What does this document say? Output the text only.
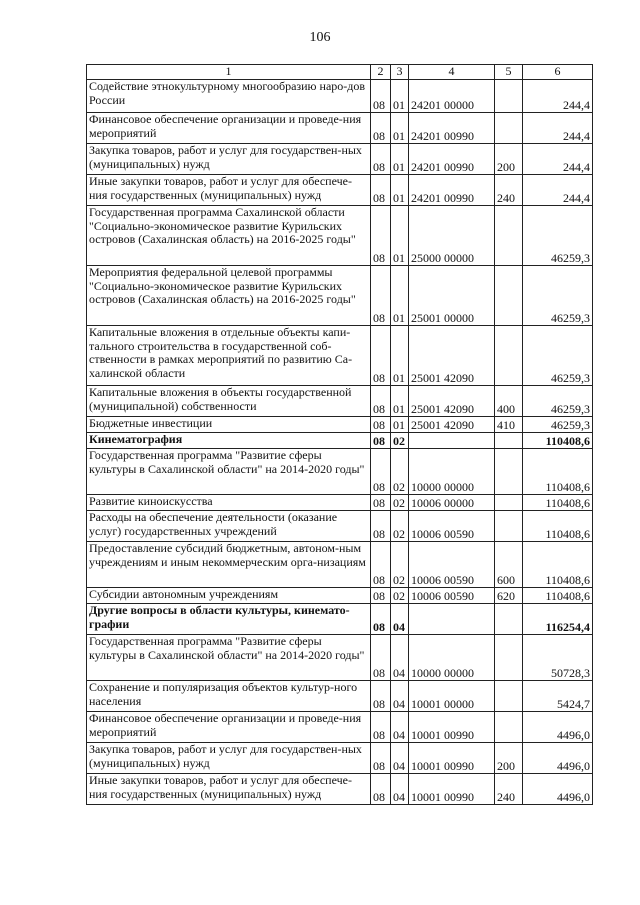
106
1	2	3	4	5	6
Содействие этнокультурному многообразию наро-дов России	08	01	24201 00000		244,4
Финансовое обеспечение организации и проведе-ния мероприятий	08	01	24201 00990		244,4
Закупка товаров, работ и услуг для государствен-ных (муниципальных) нужд	08	01	24201 00990	200	244,4
Иные закупки товаров, работ и услуг для обеспече-ния государственных (муниципальных) нужд	08	01	24201 00990	240	244,4
Государственная программа Сахалинской области "Социально-экономическое развитие Курильских островов (Сахалинская область) на 2016-2025 годы"	08	01	25000 00000		46259,3
Мероприятия федеральной целевой программы "Социально-экономическое развитие Курильских островов (Сахалинская область) на 2016-2025 годы"	08	01	25001 00000		46259,3
Капитальные вложения в отдельные объекты капи-тального строительства в государственной соб-ственности в рамках мероприятий по развитию Са-халинской области	08	01	25001 42090		46259,3
Капитальные вложения в объекты государственной (муниципальной) собственности	08	01	25001 42090	400	46259,3
Бюджетные инвестиции	08	01	25001 42090	410	46259,3
Кинематография	08	02			110408,6
Государственная программа "Развитие сферы культуры в Сахалинской области" на 2014-2020 годы"	08	02	10000 00000		110408,6
Развитие киноискусства	08	02	10006 00000		110408,6
Расходы на обеспечение деятельности (оказание услуг) государственных учреждений	08	02	10006 00590		110408,6
Предоставление субсидий бюджетным, автоном-ным учреждениям и иным некоммерческим орга-низациям	08	02	10006 00590	600	110408,6
Субсидии автономным учреждениям	08	02	10006 00590	620	110408,6
Другие вопросы в области культуры, кинемато-графии	08	04			116254,4
Государственная программа "Развитие сферы культуры в Сахалинской области" на 2014-2020 годы"	08	04	10000 00000		50728,3
Сохранение и популяризация объектов культур-ного населения	08	04	10001 00000		5424,7
Финансовое обеспечение организации и проведе-ния мероприятий	08	04	10001 00990		4496,0
Закупка товаров, работ и услуг для государствен-ных (муниципальных) нужд	08	04	10001 00990	200	4496,0
Иные закупки товаров, работ и услуг для обеспече-ния государственных (муниципальных) нужд	08	04	10001 00990	240	4496,0
